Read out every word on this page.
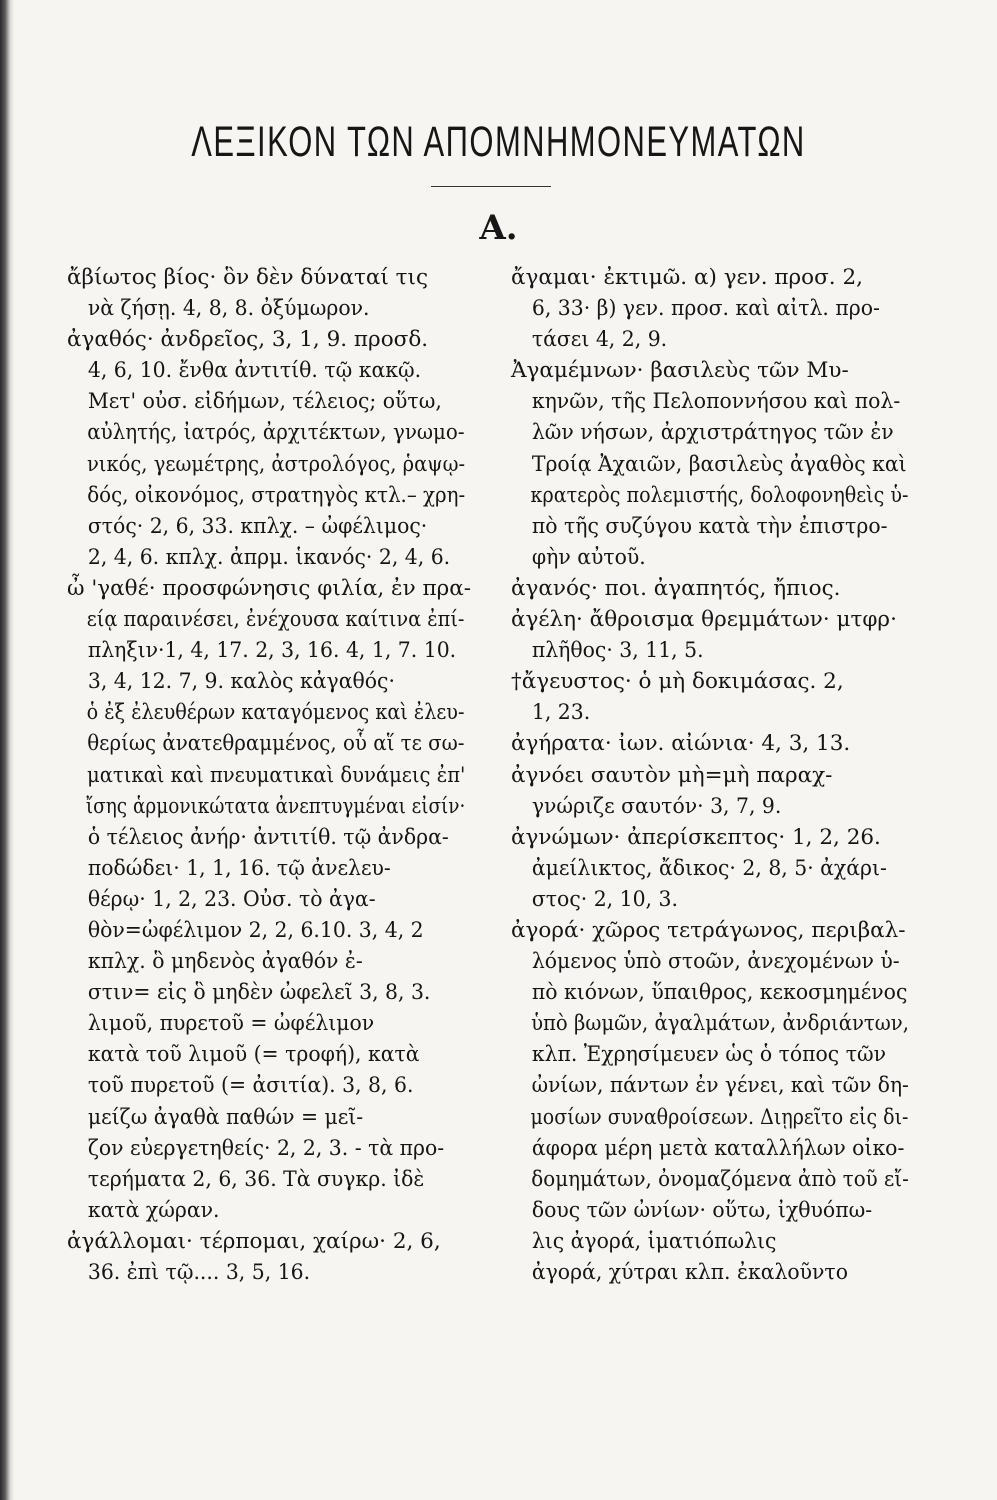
ΛΕΞΙΚΟΝ ΤΩΝ ΑΠΟΜΝΗΜΟΝΕΥΜΑΤΩΝ
Α.
ἄβίωτος βίος· ὃν δὲν δύναταί τις
νὰ ζήσῃ. 4, 8, 8. ὀξύμωρον.
ἀγαθός· ἀνδρεῖος, 3, 1, 9. προσδ.
4, 6, 10. ἔνθα ἀντιτίθ. τῷ κακῷ.
Μετ' οὐσ. εἰδήμων, τέλειος; οὕτω,
αὐλητής, ἰατρός, ἀρχιτέκτων, γνωμο-
νικός, γεωμέτρης, ἀστρολόγος, ῥαψῳ-
δός, οἰκονόμος, στρατηγὸς κτλ.– χρη-
στός· 2, 6, 33. κπλχ. – ὠφέλιμος·
2, 4, 6. κπλχ. ἀπρμ. ἱκανός· 2, 4, 6.
ὦ 'γαθέ· προσφώνησις φιλία, ἐν πρα-
είᾳ παραινέσει, ἐνέχουσα καίτινα ἐπί-
πληξιν·1, 4, 17. 2, 3, 16. 4, 1, 7. 10.
3, 4, 12. 7, 9. καλὸς κἀγαθός·
ὁ ἐξ ἐλευθέρων καταγόμενος καὶ ἐλευ-
θερίως ἀνατεθραμμένος, οὗ αἵ τε σω-
ματικαὶ καὶ πνευματικαὶ δυνάμεις ἐπ'
ἴσης ἁρμονικώτατα ἀνεπτυγμέναι εἰσίν·
ὁ τέλειος ἀνήρ· ἀντιτίθ. τῷ ἀνδρα-
ποδώδει· 1, 1, 16. τῷ ἀνελευ-
θέρῳ· 1, 2, 23. Οὐσ. τὸ ἀγα-
θὸν=ὠφέλιμον 2, 2, 6.10. 3, 4, 2
κπλχ. ὃ μηδενὸς ἀγαθόν ἐ-
στιν= εἰς ὃ μηδὲν ὠφελεῖ 3, 8, 3.
λιμοῦ, πυρετοῦ = ὠφέλιμον
κατὰ τοῦ λιμοῦ (= τροφή), κατὰ
τοῦ πυρετοῦ (= ἀσιτία). 3, 8, 6.
μείζω ἀγαθὰ παθών = μεῖ-
ζον εὐεργετηθείς· 2, 2, 3. - τὰ προ-
τερήματα 2, 6, 36. Τὰ συγκρ. ἰδὲ
κατὰ χώραν.
ἀγάλλομαι· τέρπομαι, χαίρω· 2, 6,
36. ἐπὶ τῷ.... 3, 5, 16.
ἄγαμαι· ἐκτιμῶ. α) γεν. προσ. 2,
6, 33· β) γεν. προσ. καὶ αἰτλ. προ-
τάσει 4, 2, 9.
Ἀγαμέμνων· βασιλεὺς τῶν Μυ-
κηνῶν, τῆς Πελοποννήσου καὶ πολ-
λῶν νήσων, ἀρχιστράτηγος τῶν ἐν
Τροίᾳ Ἀχαιῶν, βασιλεὺς ἀγαθὸς καὶ
κρατερὸς πολεμιστής, δολοφονηθεὶς ὑ-
πὸ τῆς συζύγου κατὰ τὴν ἐπιστρο-
φὴν αὐτοῦ.
ἀγανός· ποι. ἀγαπητός, ἤπιος.
ἀγέλη· ἄθροισμα θρεμμάτων· μτφρ·
πλῆθος· 3, 11, 5.
†ἄγευστος· ὁ μὴ δοκιμάσας. 2,
1, 23.
ἀγήρατα· ἰων. αἰώνια· 4, 3, 13.
ἀγνόει σαυτὸν μὴ=μὴ παραχ-
γνώριζε σαυτόν· 3, 7, 9.
ἀγνώμων· ἀπερίσκεπτος· 1, 2, 26.
ἀμείλικτος, ἄδικος· 2, 8, 5· ἀχάρι-
στος· 2, 10, 3.
ἀγορά· χῶρος τετράγωνος, περιβαλ-
λόμενος ὑπὸ στοῶν, ἀνεχομένων ὑ-
πὸ κιόνων, ὕπαιθρος, κεκοσμημένος
ὑπὸ βωμῶν, ἀγαλμάτων, ἀνδριάντων,
κλπ. Ἐχρησίμευεν ὡς ὁ τόπος τῶν
ὠνίων, πάντων ἐν γένει, καὶ τῶν δη-
μοσίων συναθροίσεων. Διῃρεῖτο εἰς δι-
άφορα μέρη μετὰ καταλλήλων οἰκο-
δομημάτων, ὀνομαζόμενα ἀπὸ τοῦ εἴ-
δους τῶν ὠνίων· οὕτω, ἰχθυόπω-
λις ἀγορά, ἱματιόπωλις
ἀγορά, χύτραι κλπ. ἐκαλοῦντο
